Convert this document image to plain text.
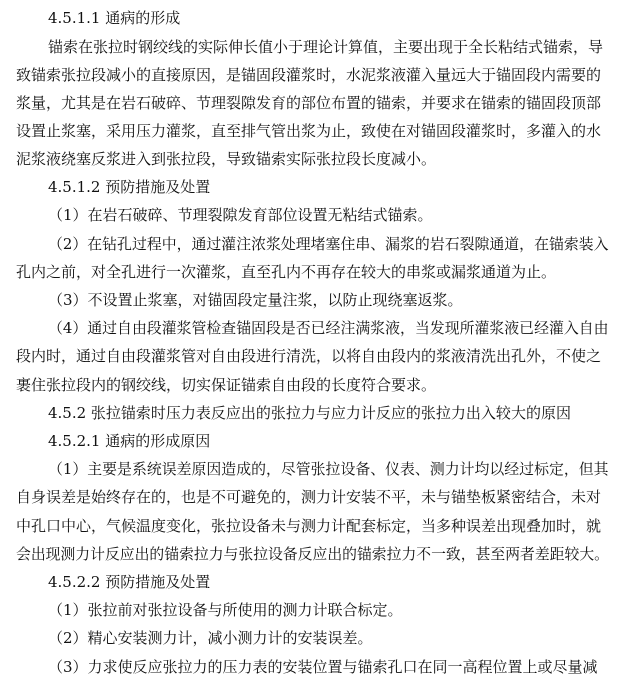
4.5.1.1 通病的形成

锚索在张拉时钢绞线的实际伸长值小于理论计算值，主要出现于全长粘结式锚索，导

致锚索张拉段减小的直接原因，是锚固段灌浆时，水泥浆液灌入量远大于锚固段内需要的

浆量，尤其是在岩石破碎、节理裂隙发育的部位布置的锚索，并要求在锚索的锚固段顶部

设置止浆塞，采用压力灌浆，直至排气管出浆为止，致使在对锚固段灌浆时，多灌入的水

泥浆液绕塞反浆进入到张拉段，导致锚索实际张拉段长度减小。

4.5.1.2 预防措施及处置

（1）在岩石破碎、节理裂隙发育部位设置无粘结式锚索。

（2）在钻孔过程中，通过灌注浓浆处理堵塞住串、漏浆的岩石裂隙通道，在锚索装入

孔内之前，对全孔进行一次灌浆，直至孔内不再存在较大的串浆或漏浆通道为止。

（3）不设置止浆塞，对锚固段定量注浆，以防止现绕塞返浆。

（4）通过自由段灌浆管检查锚固段是否已经注满浆液，当发现所灌浆液已经灌入自由

段内时，通过自由段灌浆管对自由段进行清洗，以将自由段内的浆液清洗出孔外，不使之

裹住张拉段内的钢绞线，切实保证锚索自由段的长度符合要求。

4.5.2 张拉锚索时压力表反应出的张拉力与应力计反应的张拉力出入较大的原因

4.5.2.1 通病的形成原因

（1）主要是系统误差原因造成的，尽管张拉设备、仪表、测力计均以经过标定，但其

自身误差是始终存在的，也是不可避免的，测力计安装不平，未与锚垫板紧密结合，未对

中孔口中心，气候温度变化，张拉设备未与测力计配套标定，当多种误差出现叠加时，就

会出现测力计反应出的锚索拉力与张拉设备反应出的锚索拉力不一致，甚至两者差距较大。

4.5.2.2 预防措施及处置

（1）张拉前对张拉设备与所使用的测力计联合标定。

（2）精心安装测力计，减小测力计的安装误差。

（3）力求使反应张拉力的压力表的安装位置与锚索孔口在同一高程位置上或尽量减
